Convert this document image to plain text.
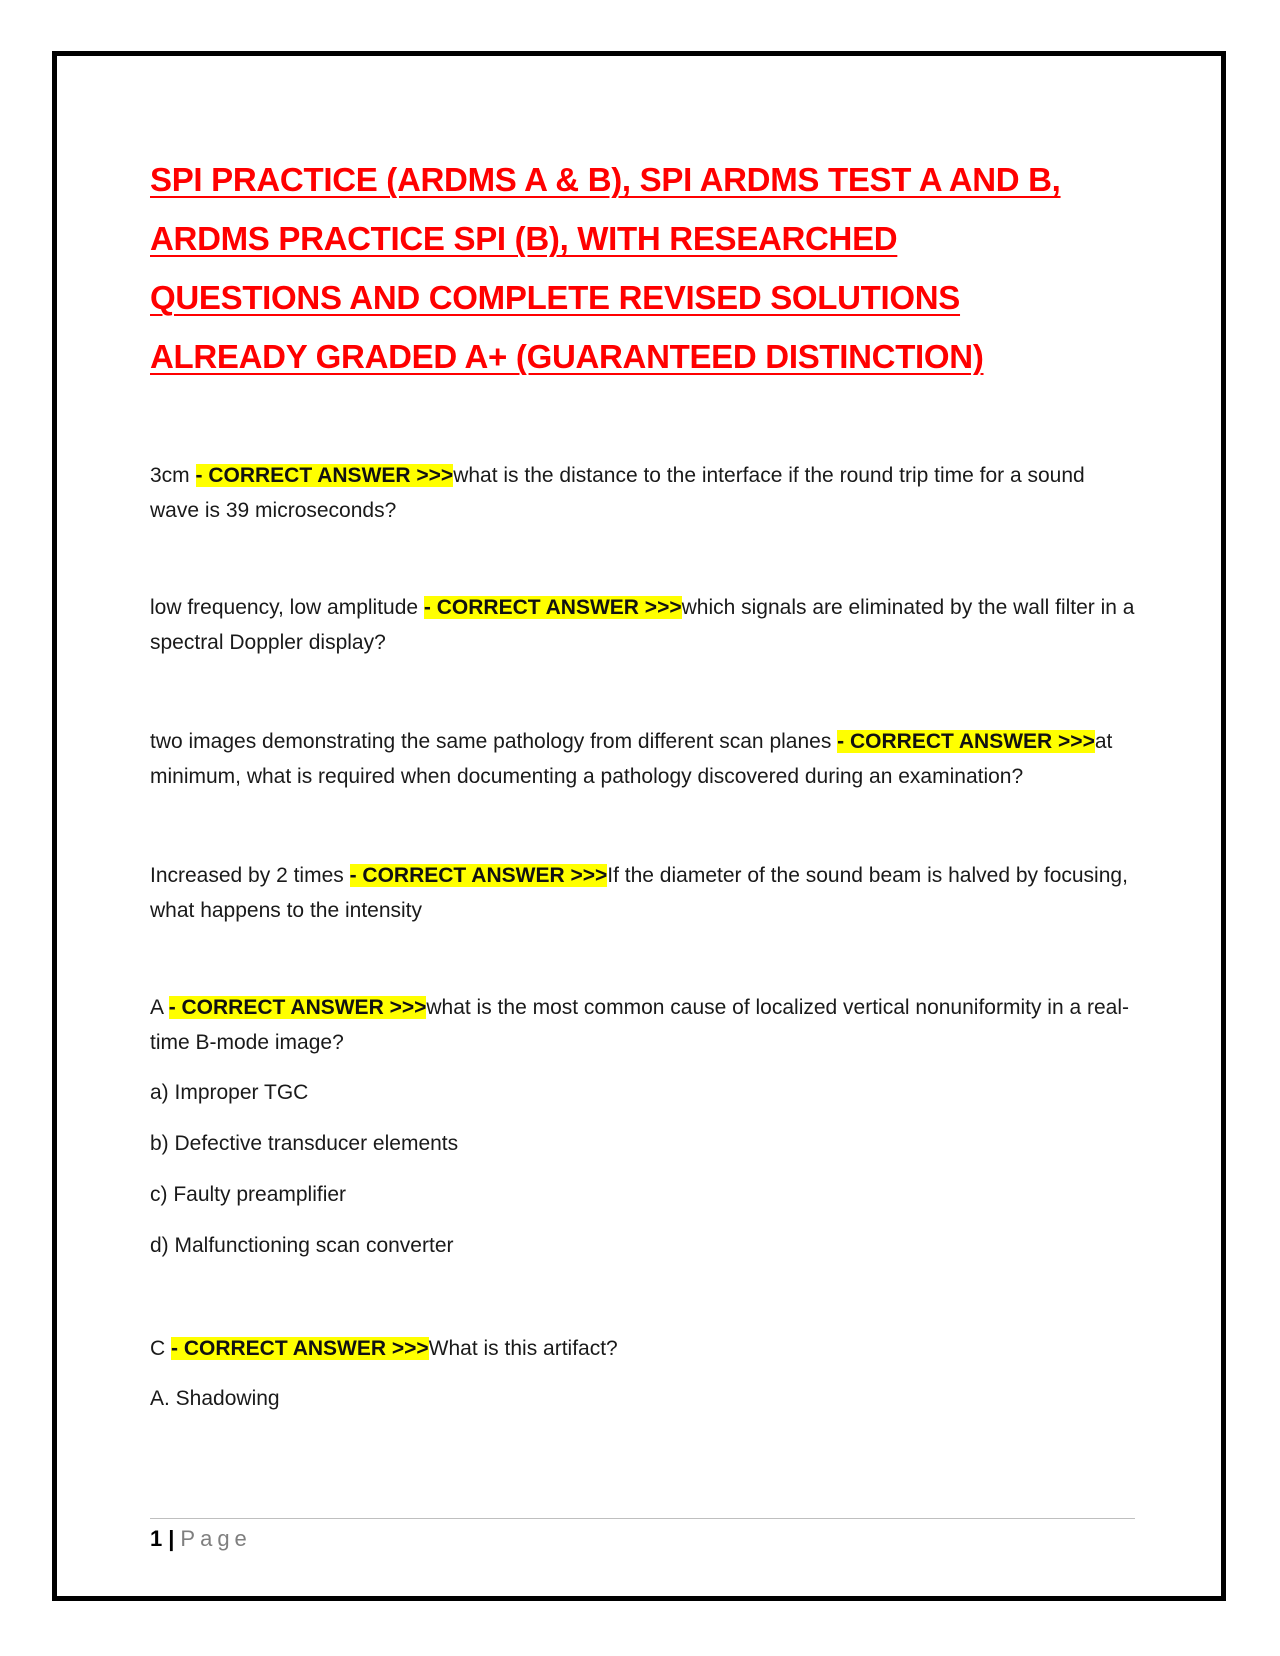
SPI PRACTICE (ARDMS A & B), SPI ARDMS TEST A AND B,
ARDMS PRACTICE SPI (B), WITH RESEARCHED
QUESTIONS AND COMPLETE REVISED SOLUTIONS
ALREADY GRADED A+ (GUARANTEED DISTINCTION)

3cm - CORRECT ANSWER >>>what is the distance to the interface if the round trip time for a sound wave is 39 microseconds?

low frequency, low amplitude - CORRECT ANSWER >>>which signals are eliminated by the wall filter in a spectral Doppler display?

two images demonstrating the same pathology from different scan planes - CORRECT ANSWER >>>at minimum, what is required when documenting a pathology discovered during an examination?

Increased by 2 times - CORRECT ANSWER >>>If the diameter of the sound beam is halved by focusing, what happens to the intensity

A - CORRECT ANSWER >>>what is the most common cause of localized vertical nonuniformity in a real-time B-mode image?

a) Improper TGC

b) Defective transducer elements

c) Faulty preamplifier

d) Malfunctioning scan converter

C - CORRECT ANSWER >>>What is this artifact?

A. Shadowing

1 | Page
